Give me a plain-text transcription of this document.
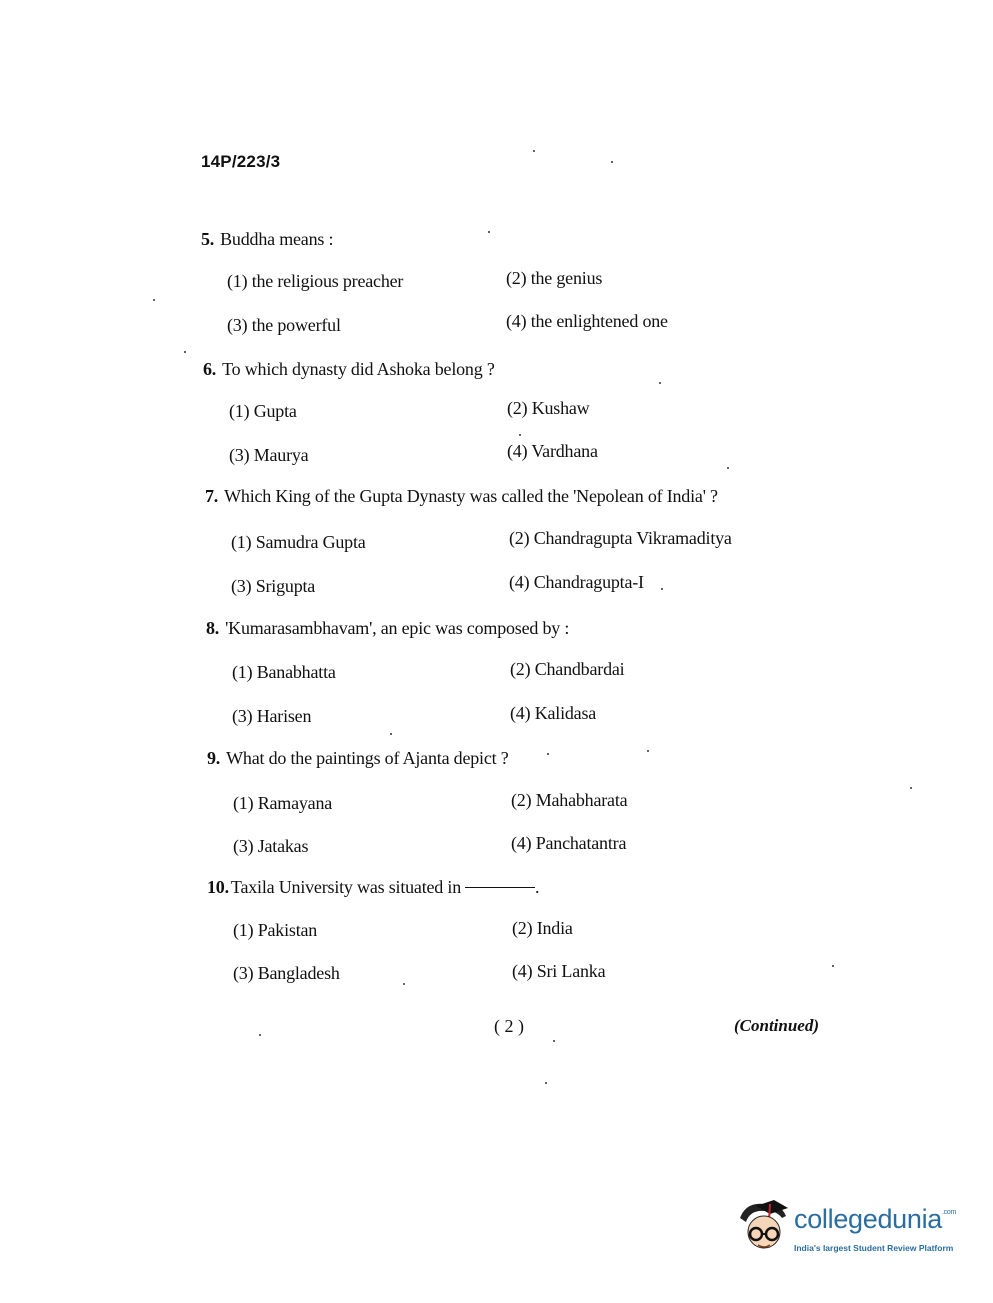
14P/223/3
5. Buddha means :
(1) the religious preacher	(2) the genius
(3) the powerful	(4) the enlightened one
6. To which dynasty did Ashoka belong ?
(1) Gupta	(2) Kushaw
(3) Maurya	(4) Vardhana
7. Which King of the Gupta Dynasty was called the 'Nepolean of India' ?
(1) Samudra Gupta	(2) Chandragupta Vikramaditya
(3) Srigupta	(4) Chandragupta-I
8. 'Kumarasambhavam', an epic was composed by :
(1) Banabhatta	(2) Chandbardai
(3) Harisen	(4) Kalidasa
9. What do the paintings of Ajanta depict ?
(1) Ramayana	(2) Mahabharata
(3) Jatakas	(4) Panchatantra
10. Taxila University was situated in	.
(1) Pakistan	(2) India
(3) Bangladesh	(4) Sri Lanka
( 2 )	(Continued)
collegedunia$^{.com}$
India's largest Student Review Platform
